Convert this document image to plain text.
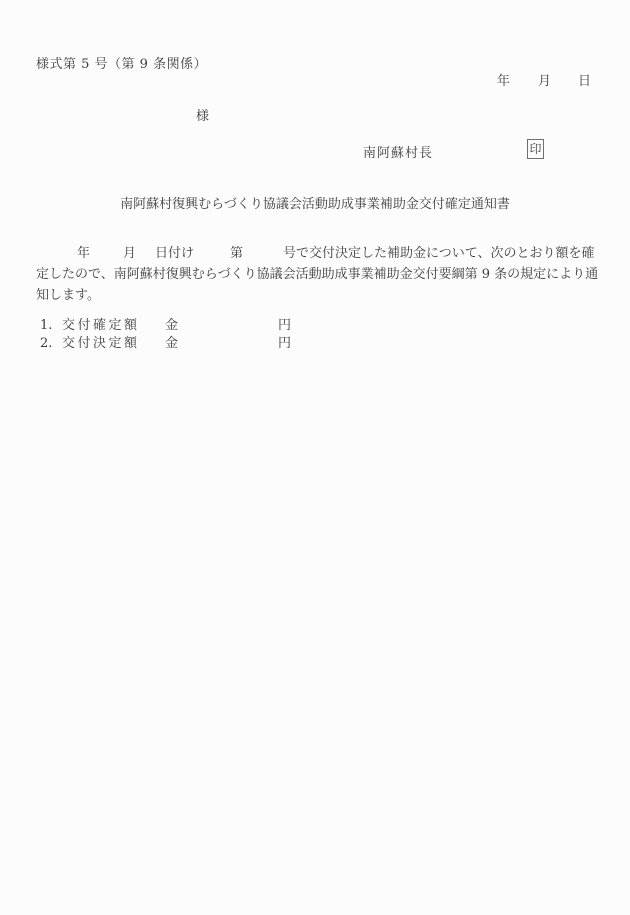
様式第 5 号（第 9 条関係）
年 月 日
様
南阿蘇村長	印
南阿蘇村復興むらづくり協議会活動助成事業補助金交付確定通知書
年	月 日付け	第	号で交付決定した補助金について、次のとおり額を確
定したので、南阿蘇村復興むらづくり協議会活動助成事業補助金交付要綱第 9 条の規定により通
知します。
1. 交付確定額	金	円
2. 交付決定額	金	円
